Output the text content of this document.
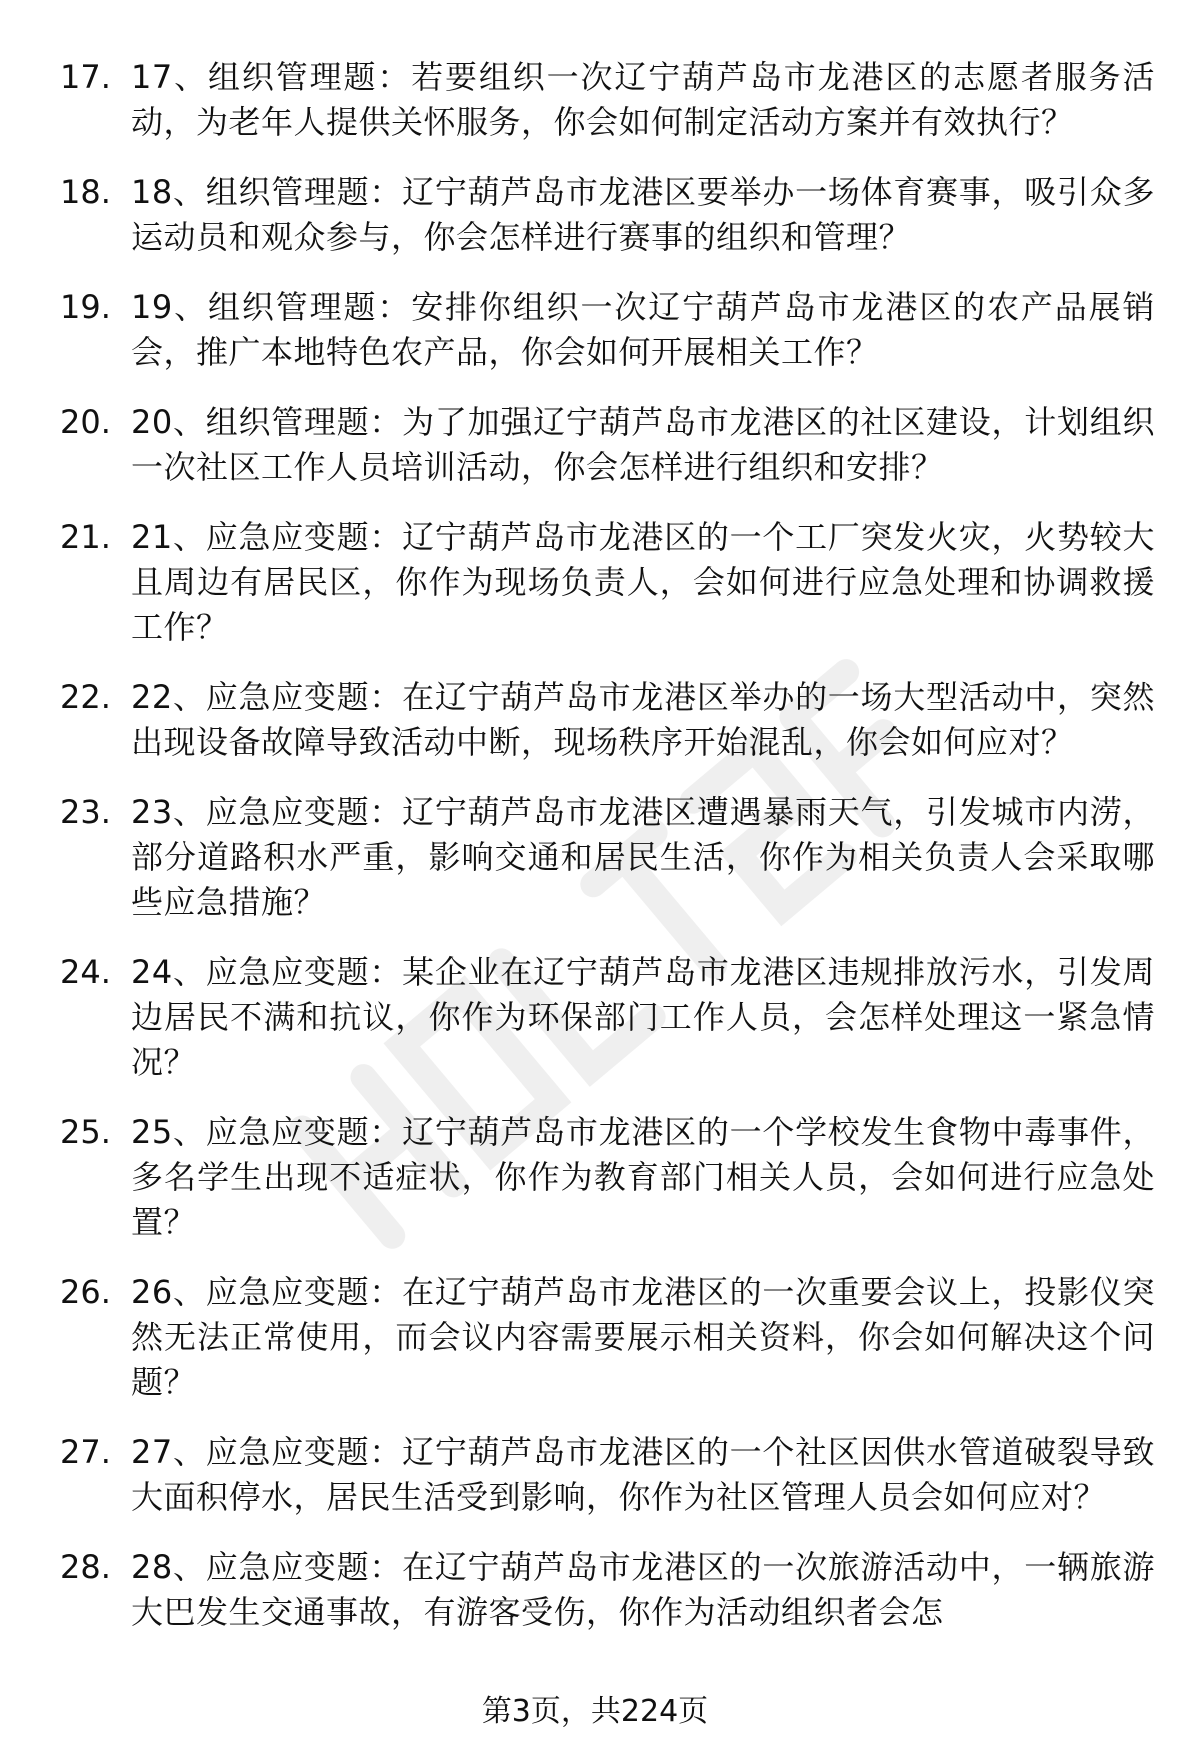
17. 17、组织管理题：若要组织一次辽宁葫芦岛市龙港区的志愿者服务活动，为老年人提供关怀服务，你会如何制定活动方案并有效执行？
18. 18、组织管理题：辽宁葫芦岛市龙港区要举办一场体育赛事，吸引众多运动员和观众参与，你会怎样进行赛事的组织和管理？
19. 19、组织管理题：安排你组织一次辽宁葫芦岛市龙港区的农产品展销会，推广本地特色农产品，你会如何开展相关工作？
20. 20、组织管理题：为了加强辽宁葫芦岛市龙港区的社区建设，计划组织一次社区工作人员培训活动，你会怎样进行组织和安排？
21. 21、应急应变题：辽宁葫芦岛市龙港区的一个工厂突发火灾，火势较大且周边有居民区，你作为现场负责人，会如何进行应急处理和协调救援工作？
22. 22、应急应变题：在辽宁葫芦岛市龙港区举办的一场大型活动中，突然出现设备故障导致活动中断，现场秩序开始混乱，你会如何应对？
23. 23、应急应变题：辽宁葫芦岛市龙港区遭遇暴雨天气，引发城市内涝，部分道路积水严重，影响交通和居民生活，你作为相关负责人会采取哪些应急措施？
24. 24、应急应变题：某企业在辽宁葫芦岛市龙港区违规排放污水，引发周边居民不满和抗议，你作为环保部门工作人员，会怎样处理这一紧急情况？
25. 25、应急应变题：辽宁葫芦岛市龙港区的一个学校发生食物中毒事件，多名学生出现不适症状，你作为教育部门相关人员，会如何进行应急处置？
26. 26、应急应变题：在辽宁葫芦岛市龙港区的一次重要会议上，投影仪突然无法正常使用，而会议内容需要展示相关资料，你会如何解决这个问题？
27. 27、应急应变题：辽宁葫芦岛市龙港区的一个社区因供水管道破裂导致大面积停水，居民生活受到影响，你作为社区管理人员会如何应对？
28. 28、应急应变题：在辽宁葫芦岛市龙港区的一次旅游活动中，一辆旅游大巴发生交通事故，有游客受伤，你作为活动组织者会怎
第3页，共224页
